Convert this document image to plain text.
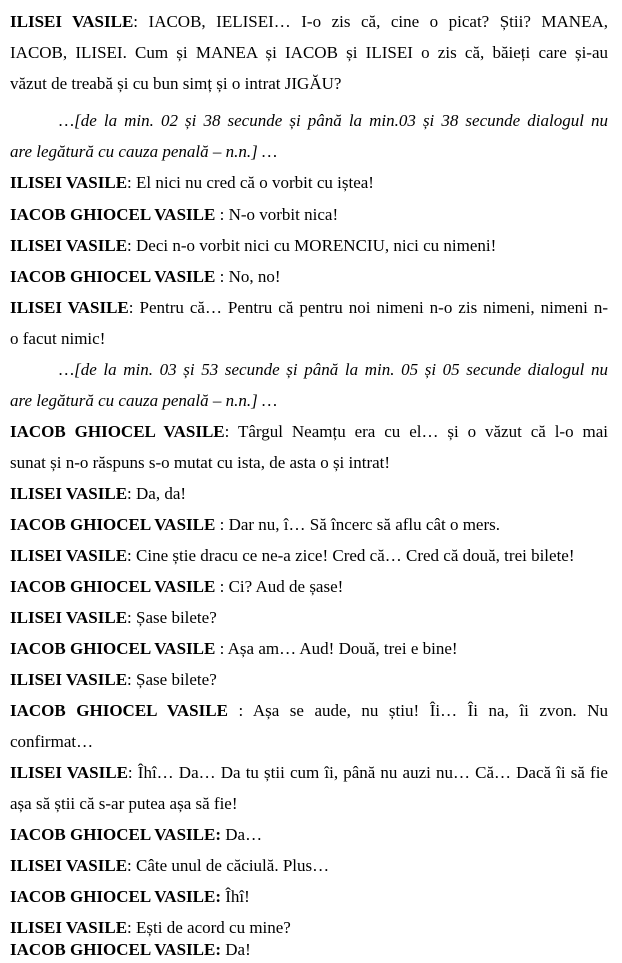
ILISEI VASILE: IACOB, IELISEI… I-o zis că, cine o picat? Știi? MANEA,
IACOB, ILISEI. Cum și MANEA și IACOB și ILISEI o zis că, băieți care și-au
văzut de treabă și cu bun simț și o intrat JIGĂU?
…[de la min. 02 și 38 secunde și până la min.03 și 38 secunde dialogul nu
are legătură cu cauza penală – n.n.] …
ILISEI VASILE: El nici nu cred că o vorbit cu iștea!
IACOB GHIOCEL VASILE : N-o vorbit nica!
ILISEI VASILE: Deci n-o vorbit nici cu MORENCIU, nici cu nimeni!
IACOB GHIOCEL VASILE : No, no!
ILISEI VASILE: Pentru că… Pentru că pentru noi nimeni n-o zis nimeni, nimeni n-
o facut nimic!
…[de la min. 03 și 53 secunde și până la min. 05 și 05 secunde dialogul nu
are legătură cu cauza penală – n.n.] …
IACOB GHIOCEL VASILE: Târgul Neamțu era cu el… și o văzut că l-o mai
sunat și n-o răspuns s-o mutat cu ista, de asta o și intrat!
ILISEI VASILE: Da, da!
IACOB GHIOCEL VASILE : Dar nu, î… Să încerc să aflu cât o mers.
ILISEI VASILE: Cine știe dracu ce ne-a zice! Cred că… Cred că două, trei bilete!
IACOB GHIOCEL VASILE : Ci? Aud de șase!
ILISEI VASILE: Șase bilete?
IACOB GHIOCEL VASILE : Așa am… Aud! Două, trei e bine!
ILISEI VASILE: Șase bilete?
IACOB GHIOCEL VASILE : Așa se aude, nu știu! Îi… Îi na, îi zvon. Nu
confirmat…
ILISEI VASILE: Îhî… Da… Da tu știi cum îi, până nu auzi nu… Că… Dacă îi să fie
așa să știi că s-ar putea așa să fie!
IACOB GHIOCEL VASILE: Da…
ILISEI VASILE: Câte unul de căciulă. Plus…
IACOB GHIOCEL VASILE: Îhî!
ILISEI VASILE: Ești de acord cu mine?
IACOB GHIOCEL VASILE: Da!
